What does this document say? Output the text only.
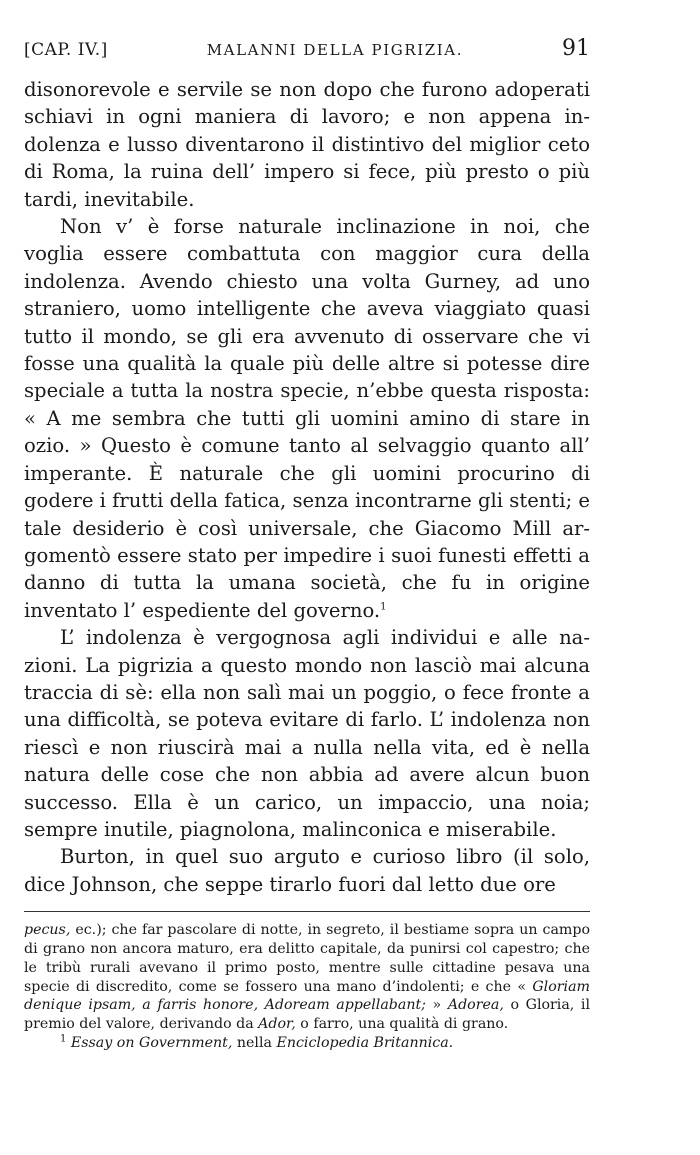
[CAP. IV.]	MALANNI DELLA PIGRIZIA.	91

disonorevole e servile se non dopo che furono adoperati schiavi in ogni maniera di lavoro; e non appena indolenza e lusso diventarono il distintivo del miglior ceto di Roma, la ruina dell’ impero si fece, più presto o più tardi, inevitabile.

Non v’ è forse naturale inclinazione in noi, che voglia essere combattuta con maggior cura della indolenza. Avendo chiesto una volta Gurney, ad uno straniero, uomo intelligente che aveva viaggiato quasi tutto il mondo, se gli era avvenuto di osservare che vi fosse una qualità la quale più delle altre si potesse dire speciale a tutta la nostra specie, n’ebbe questa risposta: « A me sembra che tutti gli uomini amino di stare in ozio. » Questo è comune tanto al selvaggio quanto all’ imperante. È naturale che gli uomini procurino di godere i frutti della fatica, senza incontrarne gli stenti; e tale desiderio è così universale, che Giacomo Mill argomentò essere stato per impedire i suoi funesti effetti a danno di tutta la umana società, che fu in origine inventato l’ espediente del governo.$^1$

L’ indolenza è vergognosa agli individui e alle nazioni. La pigrizia a questo mondo non lasciò mai alcuna traccia di sè: ella non salì mai un poggio, o fece fronte a una difficoltà, se poteva evitare di farlo. L’ indolenza non riescì e non riuscirà mai a nulla nella vita, ed è nella natura delle cose che non abbia ad avere alcun buon successo. Ella è un carico, un impaccio, una noia; sempre inutile, piagnolona, malinconica e miserabile.

Burton, in quel suo arguto e curioso libro (il solo, dice Johnson, che seppe tirarlo fuori dal letto due ore

pecus, ec.); che far pascolare di notte, in segreto, il bestiame sopra un campo di grano non ancora maturo, era delitto capitale, da punirsi col capestro; che le tribù rurali avevano il primo posto, mentre sulle cittadine pesava una specie di discredito, come se fossero una mano d’indolenti; e che « Gloriam denique ipsam, a farris honore, Adoream appellabant; » Adorea, o Gloria, il premio del valore, derivando da Ador, o farro, una qualità di grano.

$^1$ Essay on Government, nella Enciclopedia Britannica.
